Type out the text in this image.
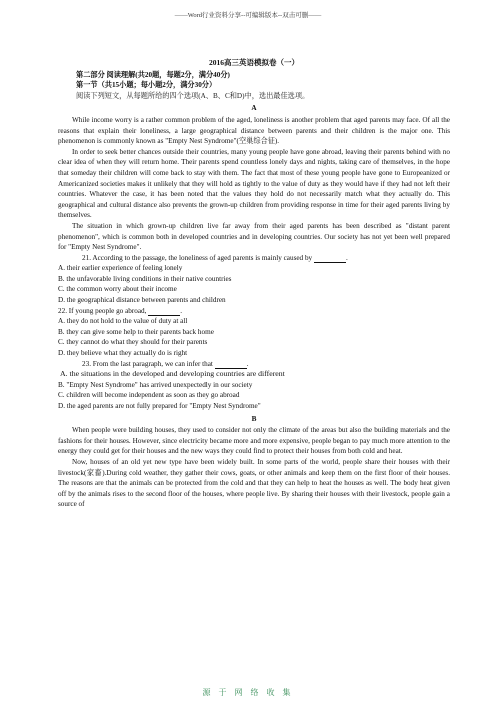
——Word行业资料分享--可编辑版本--双击可删——
2016高三英语模拟卷（一）
第二部分 阅读理解(共20题，每题2分，满分40分)
第一节（共15小题；每小题2分，满分30分）
阅读下列短文，从每题所给的四个选项(A、B、C和D)中，选出最佳选项。
A

While income worry is a rather common problem of the aged, loneliness is another problem that aged parents may face. Of all the reasons that explain their loneliness, a large geographical distance between parents and their children is the major one. This phenomenon is commonly known as "Empty Nest Syndrome"(空巢综合征).

In order to seek better chances outside their countries, many young people have gone abroad, leaving their parents behind with no clear idea of when they will return home. Their parents spend countless lonely days and nights, taking care of themselves, in the hope that someday their children will come back to stay with them. The fact that most of these young people have gone to Europeanized or Americanized societies makes it unlikely that they will hold as tightly to the value of duty as they would have if they had not left their countries. Whatever the case, it has been noted that the values they hold do not necessarily match what they actually do. This geographical and cultural distance also prevents the grown-up children from providing response in time for their aged parents living by themselves.

The situation in which grown-up children live far away from their aged parents has been described as "distant parent phenomenon", which is common both in developed countries and in developing countries. Our society has not yet been well prepared for "Empty Nest Syndrome".

21. According to the passage, the loneliness of aged parents is mainly caused by	.
A. their earlier experience of feeling lonely
B. the unfavorable living conditions in their native countries
C. the common worry about their income
D. the geographical distance between parents and children
22. If young people go abroad,	.
A. they do not hold to the value of duty at all
B. they can give some help to their parents back home
C. they cannot do what they should for their parents
D. they believe what they actually do is right
23. From the last paragraph, we can infer that	.
A. the situations in the developed and developing countries are different
B. "Empty Nest Syndrome" has arrived unexpectedly in our society
C. children will become independent as soon as they go abroad
D. the aged parents are not fully prepared for "Empty Nest Syndrome"
B

When people were building houses, they used to consider not only the climate of the areas but also the building materials and the fashions for their houses. However, since electricity became more and more expensive, people began to pay much more attention to the energy they could get for their houses and the new ways they could find to protect their houses from both cold and heat.

Now, houses of an old yet new type have been widely built. In some parts of the world, people share their houses with their livestock(家畜).During cold weather, they gather their cows, goats, or other animals and keep them on the first floor of their houses. The reasons are that the animals can be protected from the cold and that they can help to heat the houses as well. The body heat given off by the animals rises to the second floor of the houses, where people live. By sharing their houses with their livestock, people gain a source of

源 于 网 络 收 集
